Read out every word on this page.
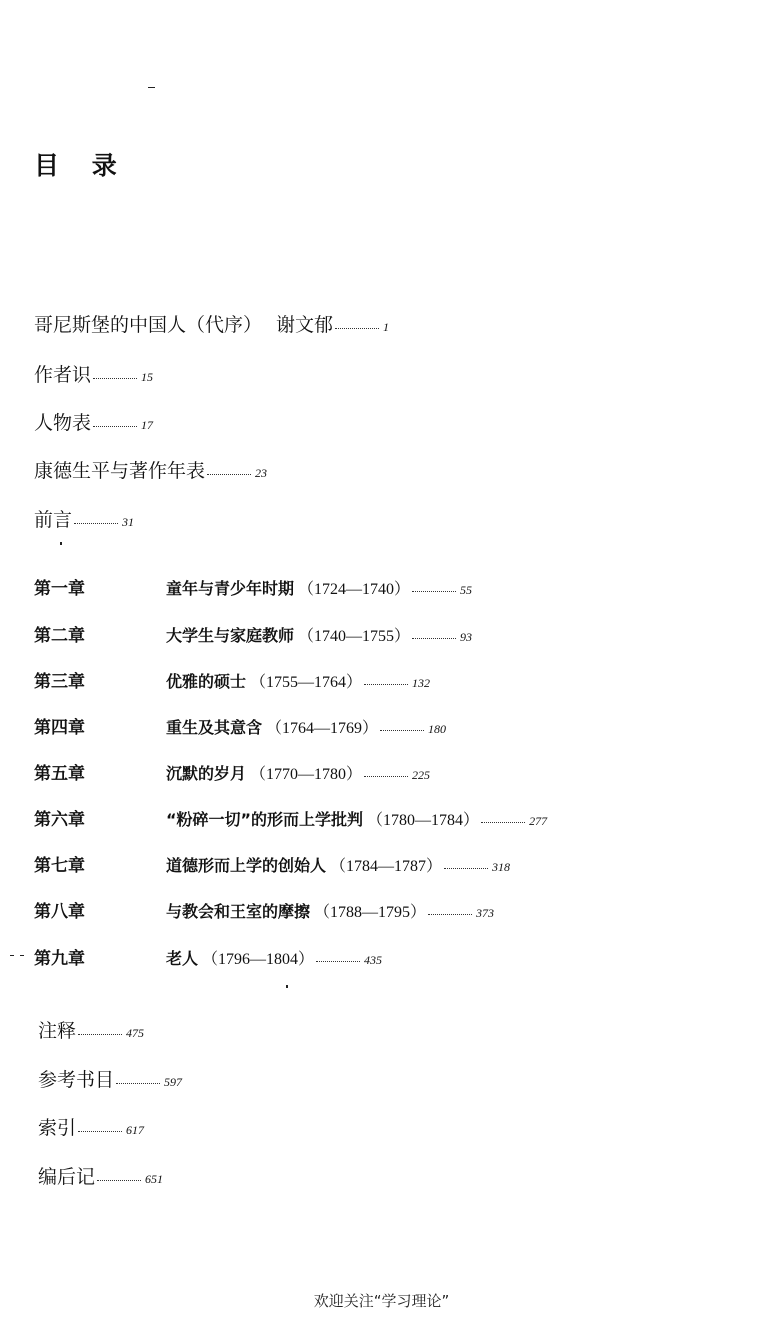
目 录
哥尼斯堡的中国人（代序） 谢文郁	1
作者识	15
人物表	17
康德生平与著作年表	23
前言	31
第一章	童年与青少年时期 （1724—1740）	55
第二章	大学生与家庭教师 （1740—1755）	93
第三章	优雅的硕士 （1755—1764）	132
第四章	重生及其意含 （1764—1769）	180
第五章	沉默的岁月 （1770—1780）	225
第六章	“粉碎一切”的形而上学批判 （1780—1784）	277
第七章	道德形而上学的创始人 （1784—1787）	318
第八章	与教会和王室的摩擦 （1788—1795）	373
第九章	老人 （1796—1804）	435
注释	475
参考书目	597
索引	617
编后记	651
欢迎关注“学习理论”
